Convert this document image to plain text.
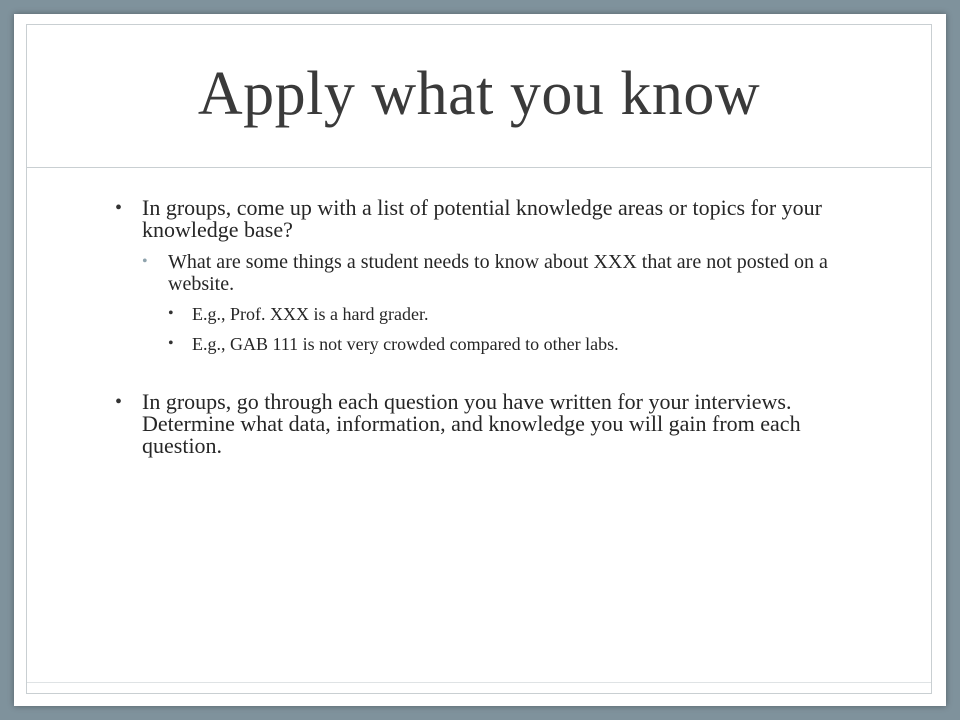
Apply what you know
• In groups, come up with a list of potential knowledge areas or topics for your knowledge base?
• What are some things a student needs to know about XXX that are not posted on a website.
• E.g., Prof. XXX is a hard grader.
• E.g., GAB 111 is not very crowded compared to other labs.
• In groups, go through each question you have written for your interviews. Determine what data, information, and knowledge you will gain from each question.
